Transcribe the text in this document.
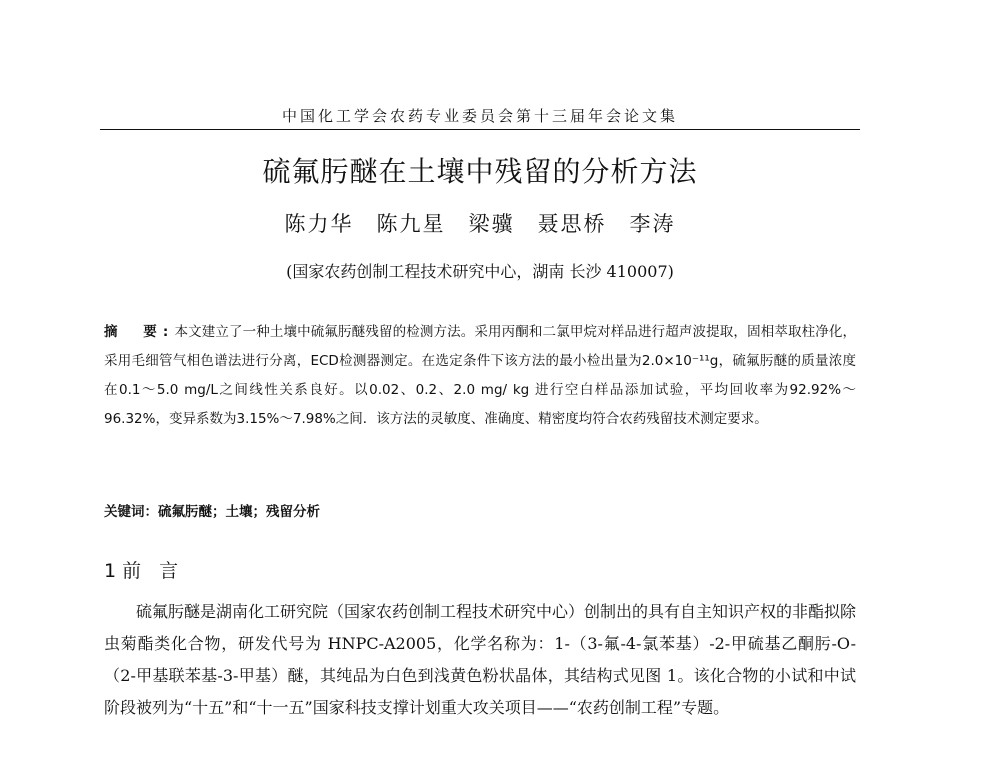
中国化工学会农药专业委员会第十三届年会论文集
硫氟肟醚在土壤中残留的分析方法
陈力华　陈九星　梁骥　聂思桥　李涛
(国家农药创制工程技术研究中心，湖南 长沙 410007)
摘　要:本文建立了一种土壤中硫氟肟醚残留的检测方法。采用丙酮和二氯甲烷对样品进行超声波提取，固相萃取柱净化，采用毛细管气相色谱法进行分离，ECD检测器测定。在选定条件下该方法的最小检出量为2.0×10⁻¹¹g，硫氟肟醚的质量浓度在0.1～5.0 mg/L之间线性关系良好。以0.02、0.2、2.0 mg/ kg 进行空白样品添加试验，平均回收率为92.92%～96.32%，变异系数为3.15%～7.98%之间．该方法的灵敏度、准确度、精密度均符合农药残留技术测定要求。
关键词：硫氟肟醚；土壤；残留分析
1 前言
硫氟肟醚是湖南化工研究院（国家农药创制工程技术研究中心）创制出的具有自主知识产权的非酯拟除虫菊酯类化合物，研发代号为 HNPC-A2005，化学名称为：1-（3-氟-4-氯苯基）-2-甲硫基乙酮肟-O-（2-甲基联苯基-3-甲基）醚，其纯品为白色到浅黄色粉状晶体，其结构式见图 1。该化合物的小试和中试阶段被列为“十五”和“十一五”国家科技支撑计划重大攻关项目——“农药创制工程”专题。
